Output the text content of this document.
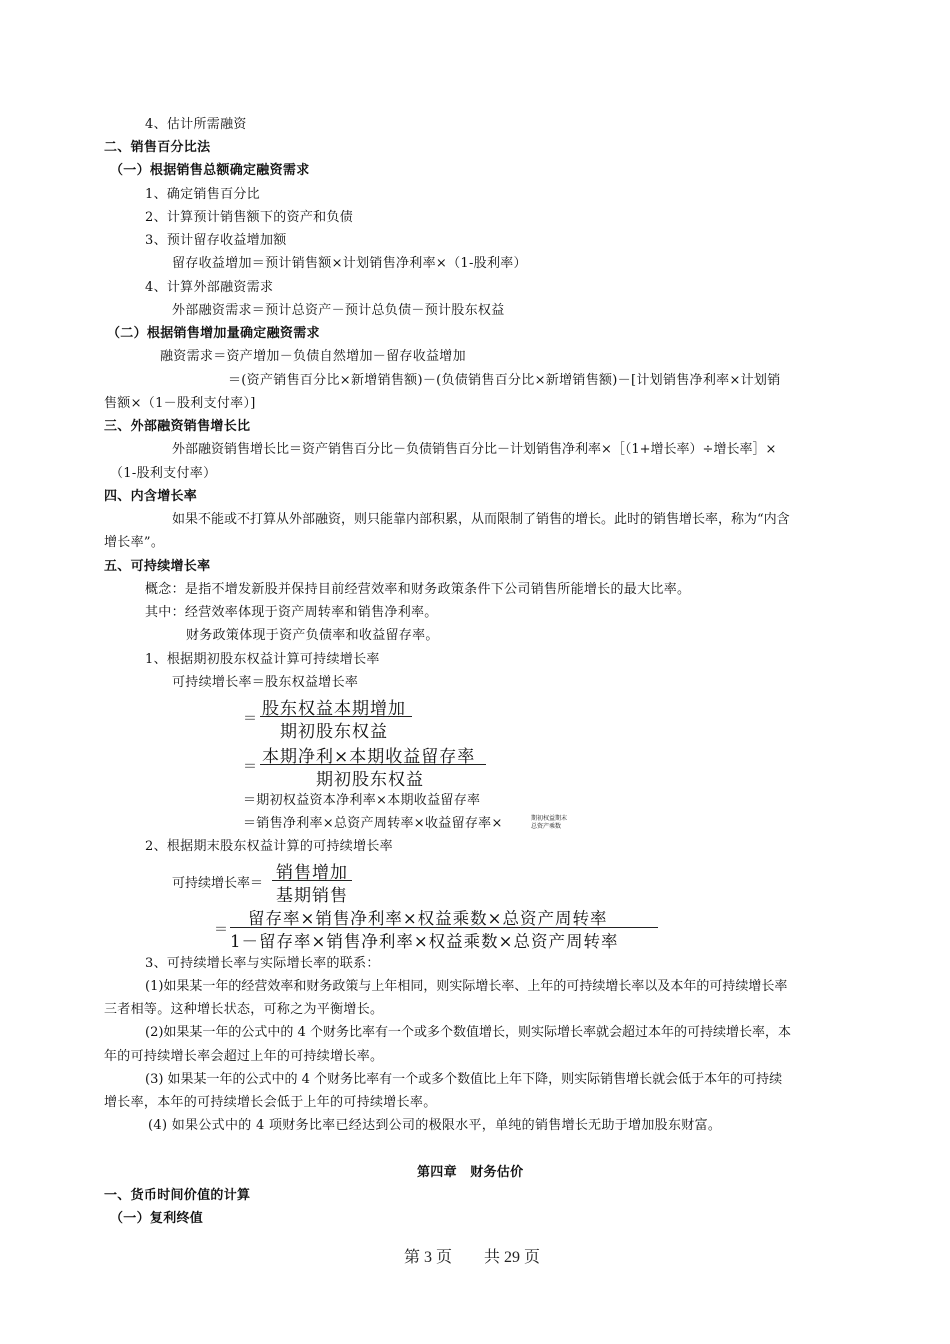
4、估计所需融资
二、销售百分比法
（一）根据销售总额确定融资需求
1、确定销售百分比
2、计算预计销售额下的资产和负债
3、预计留存收益增加额
留存收益增加＝预计销售额×计划销售净利率×（1-股利率）
4、计算外部融资需求
外部融资需求＝预计总资产－预计总负债－预计股东权益
（二）根据销售增加量确定融资需求
融资需求＝资产增加－负债自然增加－留存收益增加
＝(资产销售百分比×新增销售额)－(负债销售百分比×新增销售额)－[计划销售净利率×计划销
售额×（1－股利支付率）]
三、外部融资销售增长比
外部融资销售增长比＝资产销售百分比－负债销售百分比－计划销售净利率×［（1+增长率）÷增长率］×
（1-股利支付率）
四、内含增长率
如果不能或不打算从外部融资，则只能靠内部积累，从而限制了销售的增长。此时的销售增长率，称为“内含
增长率”。
五、可持续增长率
概念：是指不增发新股并保持目前经营效率和财务政策条件下公司销售所能增长的最大比率。
其中：经营效率体现于资产周转率和销售净利率。
财务政策体现于资产负债率和收益留存率。
1、根据期初股东权益计算可持续增长率
可持续增长率＝股东权益增长率
＝ 股东权益本期增加
期初股东权益
＝ 本期净利×本期收益留存率
期初股东权益
＝期初权益资本净利率×本期收益留存率
＝销售净利率×总资产周转率×收益留存率×	期初权益期末
总资产乘数
2、根据期末股东权益计算的可持续增长率
可持续增长率＝
销售增加
基期销售
＝
留存率×销售净利率×权益乘数×总资产周转率
1－留存率×销售净利率×权益乘数×总资产周转率
3、可持续增长率与实际增长率的联系：
(1)如果某一年的经营效率和财务政策与上年相同，则实际增长率、上年的可持续增长率以及本年的可持续增长率
三者相等。这种增长状态，可称之为平衡增长。
(2)如果某一年的公式中的 4 个财务比率有一个或多个数值增长，则实际增长率就会超过本年的可持续增长率，本
年的可持续增长率会超过上年的可持续增长率。
(3) 如果某一年的公式中的 4 个财务比率有一个或多个数值比上年下降，则实际销售增长就会低于本年的可持续
增长率，本年的可持续增长会低于上年的可持续增长率。
(4) 如果公式中的 4 项财务比率已经达到公司的极限水平，单纯的销售增长无助于增加股东财富。
第四章　财务估价
一、货币时间价值的计算
（一）复利终值
第 3 页　　共 29 页
